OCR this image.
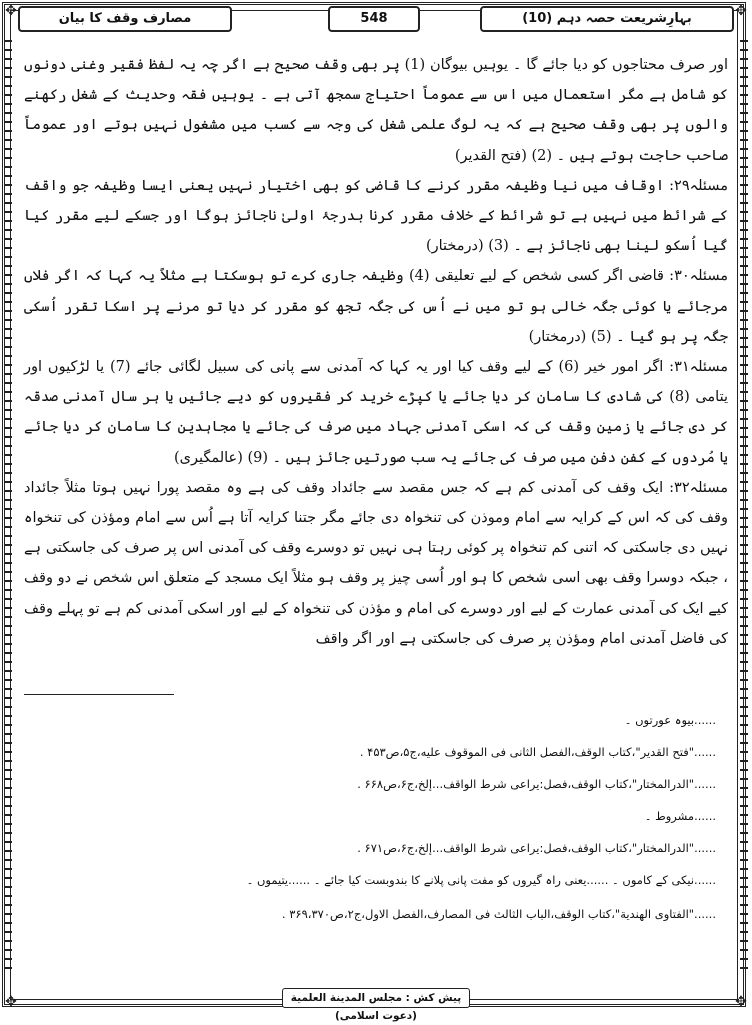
✥	✥
✥	✥
بہارِشریعت حصہ دہم (10)
548
مصارف وقف کا بیان

اور صرف محتاجوں کو دیا جائے گا ۔ یوہیں بیوگان (1) پر بھی وقف صحیح ہے اگر چہ یہ لفظ فقیر وغنی دونوں کو شامل ہے مگر استعمال میں اس سے عموماً احتیاج سمجھ آتی ہے ۔ یوہیں فقہ وحدیث کے شغل رکھنے والوں پر بھی وقف صحیح ہے کہ یہ لوگ علمی شغل کی وجہ سے کسب میں مشغول نہیں ہوتے اور عموماً صاحب حاجت ہوتے ہیں ۔ (2) (فتح القدیر)

مسئلہ۲۹: اوقاف میں نیا وظیفہ مقرر کرنے کا قاضی کو بھی اختیار نہیں یعنی ایسا وظیفہ جو واقف کے شرائط میں نہیں ہے تو شرائط کے خلاف مقرر کرنا بدرجۂ اولیٰ ناجائز ہوگا اور جسکے لیے مقرر کیا گیا اُسکو لینا بھی ناجائز ہے ۔ (3) (درمختار)

مسئلہ۳۰: قاضی اگر کسی شخص کے لیے تعلیقی (4) وظیفہ جاری کرے تو ہوسکتا ہے مثلاً یہ کہا کہ اگر فلاں مرجائے یا کوئی جگہ خالی ہو تو میں نے اُس کی جگہ تجھ کو مقرر کر دیا تو مرنے پر اسکا تقرر اُسکی جگہ پر ہو گیا ۔ (5) (درمختار)

مسئلہ۳۱: اگر امور خیر (6) کے لیے وقف کیا اور یہ کہا کہ آمدنی سے پانی کی سبیل لگائی جائے (7) یا لڑکیوں اور یتامی (8) کی شادی کا سامان کر دیا جائے یا کپڑے خرید کر فقیروں کو دیے جائیں یا ہر سال آمدنی صدقہ کر دی جائے یا زمین وقف کی کہ اسکی آمدنی جہاد میں صرف کی جائے یا مجاہدین کا سامان کر دیا جائے یا مُردوں کے کفن دفن میں صرف کی جائے یہ سب صورتیں جائز ہیں ۔ (9) (عالمگیری)

مسئلہ۳۲: ایک وقف کی آمدنی کم ہے کہ جس مقصد سے جائداد وقف کی ہے وہ مقصد پورا نہیں ہوتا مثلاً جائداد وقف کی کہ اس کے کرایہ سے امام وموذن کی تنخواہ دی جائے مگر جتنا کرایہ آتا ہے اُس سے امام ومؤذن کی تنخواہ نہیں دی جاسکتی کہ اتنی کم تنخواہ پر کوئی رہتا ہی نہیں تو دوسرے وقف کی آمدنی اس پر صرف کی جاسکتی ہے ، جبکہ دوسرا وقف بھی اسی شخص کا ہو اور اُسی چیز پر وقف ہو مثلاً ایک مسجد کے متعلق اس شخص نے دو وقف کیے ایک کی آمدنی عمارت کے لیے اور دوسرے کی امام و مؤذن کی تنخواہ کے لیے اور اسکی آمدنی کم ہے تو پہلے وقف کی فاضل آمدنی امام ومؤذن پر صرف کی جاسکتی ہے اور اگر واقف

......بیوہ عورتوں ۔
......"فتح القدیر"،کتاب الوقف،الفصل الثانی فی الموقوف علیه،ج۵،ص۴۵۳ .
......"الدرالمختار"،کتاب الوقف،فصل:یراعی شرط الواقف...إلخ،ج۶،ص۶۶۸ .
......مشروط ۔
......"الدرالمختار"،کتاب الوقف،فصل:یراعی شرط الواقف...إلخ،ج۶،ص۶۷۱ .
......نیکی کے کاموں ۔ ......یعنی راہ گیروں کو مفت پانی پلانے کا بندوبست کیا جائے ۔ ......یتیموں ۔
......"الفتاوی الهندیة"،کتاب الوقف،الباب الثالث فی المصارف،الفصل الاول،ج۲،ص۳۶۹،۳۷۰ .
پیش کش : مجلس المدینة العلمیة (دعوت اسلامی)
